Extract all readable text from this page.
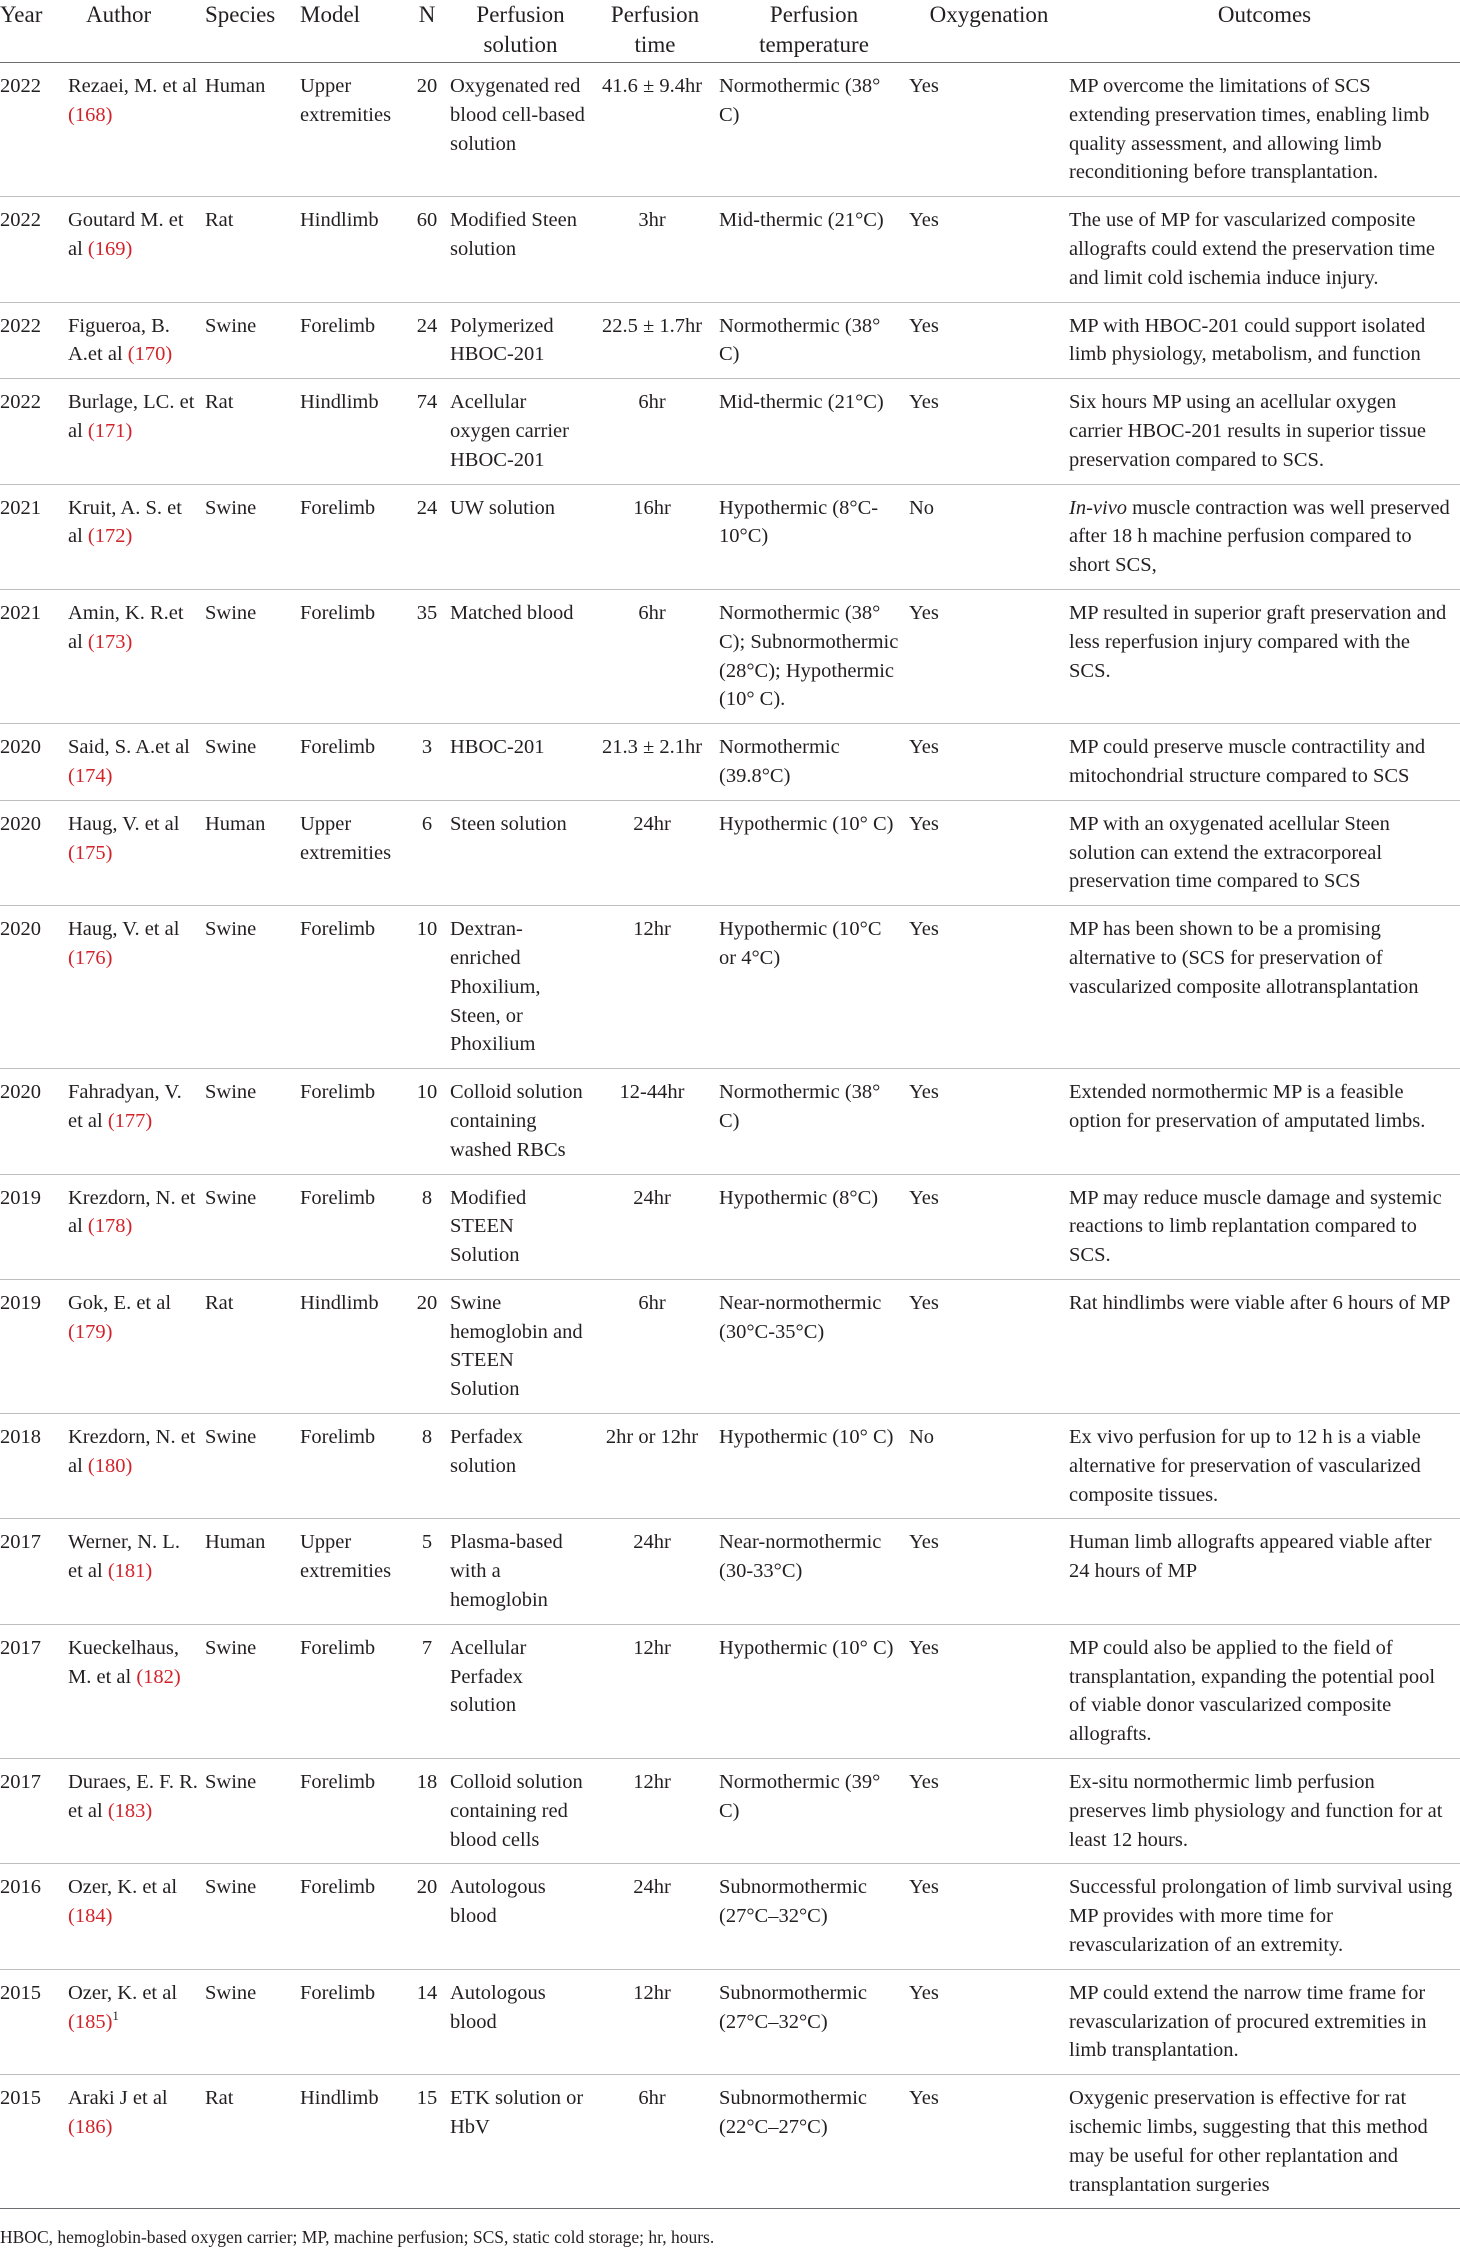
Year	Author	Species	Model	N	Perfusion solution	Perfusion time	Perfusion temperature	Oxygenation	Outcomes
2022	Rezaei, M. et al (168)	Human	Upper extremities	20	Oxygenated red blood cell-based solution	41.6 ± 9.4hr	Normothermic (38° C)	Yes	MP overcome the limitations of SCS extending preservation times, enabling limb quality assessment, and allowing limb reconditioning before transplantation.
2022	Goutard M. et al (169)	Rat	Hindlimb	60	Modified Steen solution	3hr	Mid-thermic (21°C)	Yes	The use of MP for vascularized composite allografts could extend the preservation time and limit cold ischemia induce injury.
2022	Figueroa, B. A.et al (170)	Swine	Forelimb	24	Polymerized HBOC-201	22.5 ± 1.7hr	Normothermic (38° C)	Yes	MP with HBOC-201 could support isolated limb physiology, metabolism, and function
2022	Burlage, LC. et al (171)	Rat	Hindlimb	74	Acellular oxygen carrier HBOC-201	6hr	Mid-thermic (21°C)	Yes	Six hours MP using an acellular oxygen carrier HBOC-201 results in superior tissue preservation compared to SCS.
2021	Kruit, A. S. et al (172)	Swine	Forelimb	24	UW solution	16hr	Hypothermic (8°C-10°C)	No	In-vivo muscle contraction was well preserved after 18 h machine perfusion compared to short SCS,
2021	Amin, K. R.et al (173)	Swine	Forelimb	35	Matched blood	6hr	Normothermic (38° C); Subnormothermic (28°C); Hypothermic (10° C).	Yes	MP resulted in superior graft preservation and less reperfusion injury compared with the SCS.
2020	Said, S. A.et al (174)	Swine	Forelimb	3	HBOC-201	21.3 ± 2.1hr	Normothermic (39.8°C)	Yes	MP could preserve muscle contractility and mitochondrial structure compared to SCS
2020	Haug, V. et al (175)	Human	Upper extremities	6	Steen solution	24hr	Hypothermic (10° C)	Yes	MP with an oxygenated acellular Steen solution can extend the extracorporeal preservation time compared to SCS
2020	Haug, V. et al (176)	Swine	Forelimb	10	Dextran-enriched Phoxilium, Steen, or Phoxilium	12hr	Hypothermic (10°C or 4°C)	Yes	MP has been shown to be a promising alternative to (SCS for preservation of vascularized composite allotransplantation
2020	Fahradyan, V. et al (177)	Swine	Forelimb	10	Colloid solution containing washed RBCs	12-44hr	Normothermic (38° C)	Yes	Extended normothermic MP is a feasible option for preservation of amputated limbs.
2019	Krezdorn, N. et al (178)	Swine	Forelimb	8	Modified STEEN Solution	24hr	Hypothermic (8°C)	Yes	MP may reduce muscle damage and systemic reactions to limb replantation compared to SCS.
2019	Gok, E. et al (179)	Rat	Hindlimb	20	Swine hemoglobin and STEEN Solution	6hr	Near-normothermic (30°C-35°C)	Yes	Rat hindlimbs were viable after 6 hours of MP
2018	Krezdorn, N. et al (180)	Swine	Forelimb	8	Perfadex solution	2hr or 12hr	Hypothermic (10° C)	No	Ex vivo perfusion for up to 12 h is a viable alternative for preservation of vascularized composite tissues.
2017	Werner, N. L. et al (181)	Human	Upper extremities	5	Plasma-based with a hemoglobin	24hr	Near-normothermic (30-33°C)	Yes	Human limb allografts appeared viable after 24 hours of MP
2017	Kueckelhaus, M. et al (182)	Swine	Forelimb	7	Acellular Perfadex solution	12hr	Hypothermic (10° C)	Yes	MP could also be applied to the field of transplantation, expanding the potential pool of viable donor vascularized composite allografts.
2017	Duraes, E. F. R. et al (183)	Swine	Forelimb	18	Colloid solution containing red blood cells	12hr	Normothermic (39° C)	Yes	Ex-situ normothermic limb perfusion preserves limb physiology and function for at least 12 hours.
2016	Ozer, K. et al (184)	Swine	Forelimb	20	Autologous blood	24hr	Subnormothermic (27°C–32°C)	Yes	Successful prolongation of limb survival using MP provides with more time for revascularization of an extremity.
2015	Ozer, K. et al $(185)^1$	Swine	Forelimb	14	Autologous blood	12hr	Subnormothermic (27°C–32°C)	Yes	MP could extend the narrow time frame for revascularization of procured extremities in limb transplantation.
2015	Araki J et al (186)	Rat	Hindlimb	15	ETK solution or HbV	6hr	Subnormothermic (22°C–27°C)	Yes	Oxygenic preservation is effective for rat ischemic limbs, suggesting that this method may be useful for other replantation and transplantation surgeries
HBOC, hemoglobin-based oxygen carrier; MP, machine perfusion; SCS, static cold storage; hr, hours.
